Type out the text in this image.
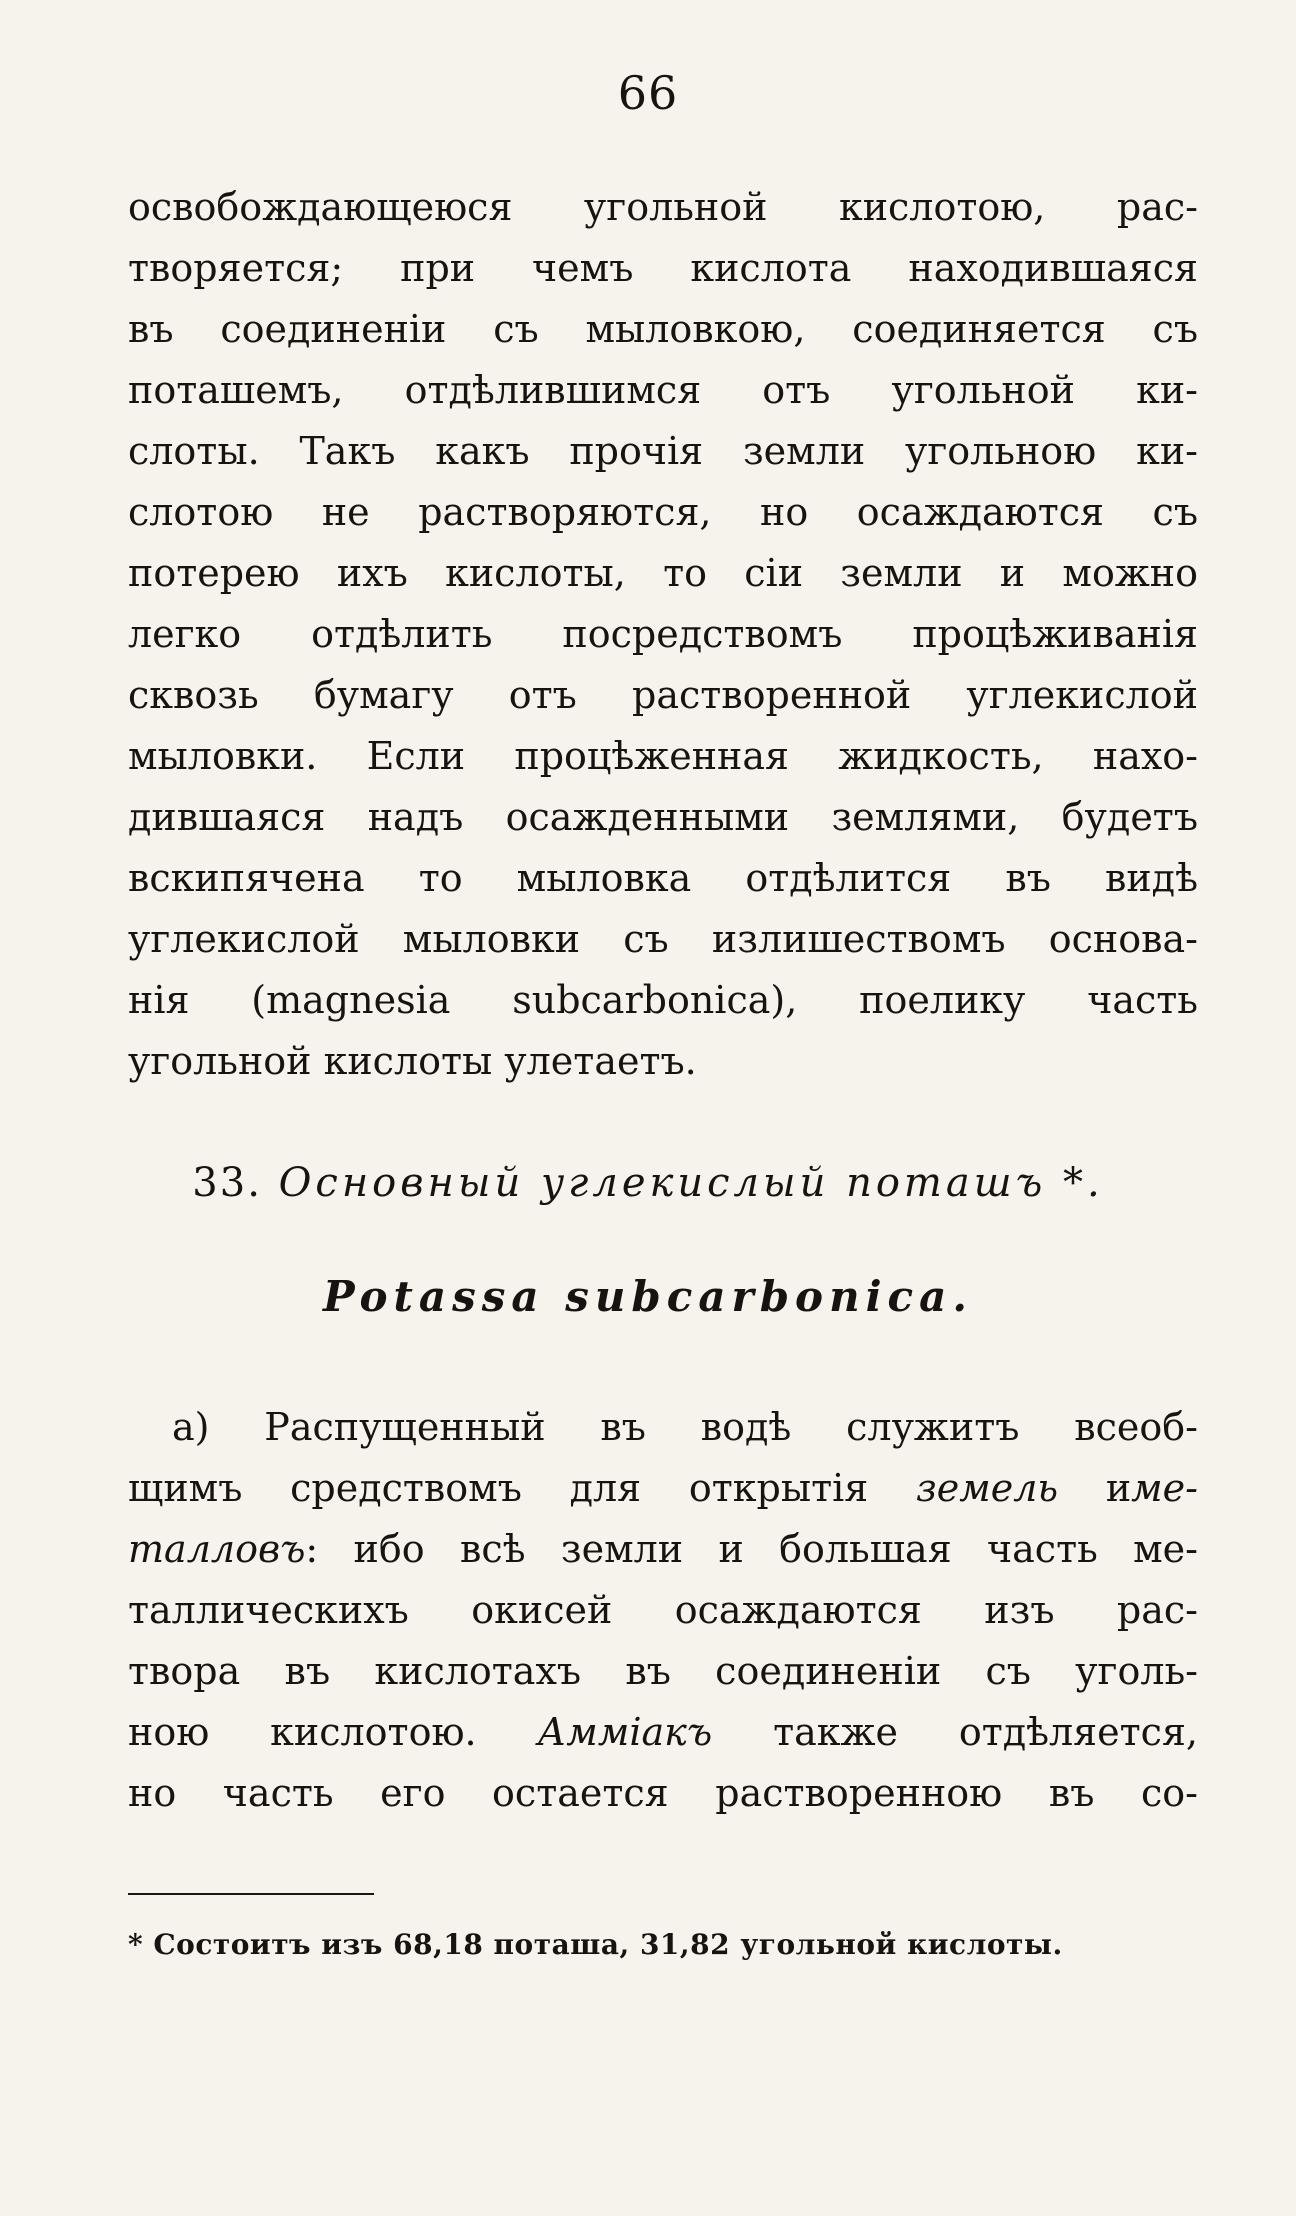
66
освобождающеюся угольной кислотою, рас-
творяется; при чемъ кислота находившаяся
въ соединеніи съ мыловкою, соединяется съ
поташемъ, отдѣлившимся отъ угольной ки-
слоты. Такъ какъ прочія земли угольною ки-
слотою не растворяются, но осаждаются съ
потерею ихъ кислоты, то сіи земли и можно
легко отдѣлить посредствомъ процѣживанія
сквозь бумагу отъ растворенной углекислой
мыловки. Если процѣженная жидкость, нахо-
дившаяся надъ осажденными землями, будетъ
вскипячена то мыловка отдѣлится въ видѣ
углекислой мыловки съ излишествомъ основа-
нія (magnesia subcarbonica), поелику часть
угольной кислоты улетаетъ.
33. Основный углекислый поташъ *.
Potassa subcarbonica.
а) Распущенный въ водѣ служитъ всеоб-
щимъ средствомъ для открытія земель име-
талловъ: ибо всѣ земли и большая часть ме-
таллическихъ окисей осаждаются изъ рас-
твора въ кислотахъ въ соединеніи съ уголь-
ною кислотою. Аммiакъ также отдѣляется,
но часть его остается растворенною въ со-
* Состоитъ изъ 68,18 поташа, 31,82 угольной кислоты.
